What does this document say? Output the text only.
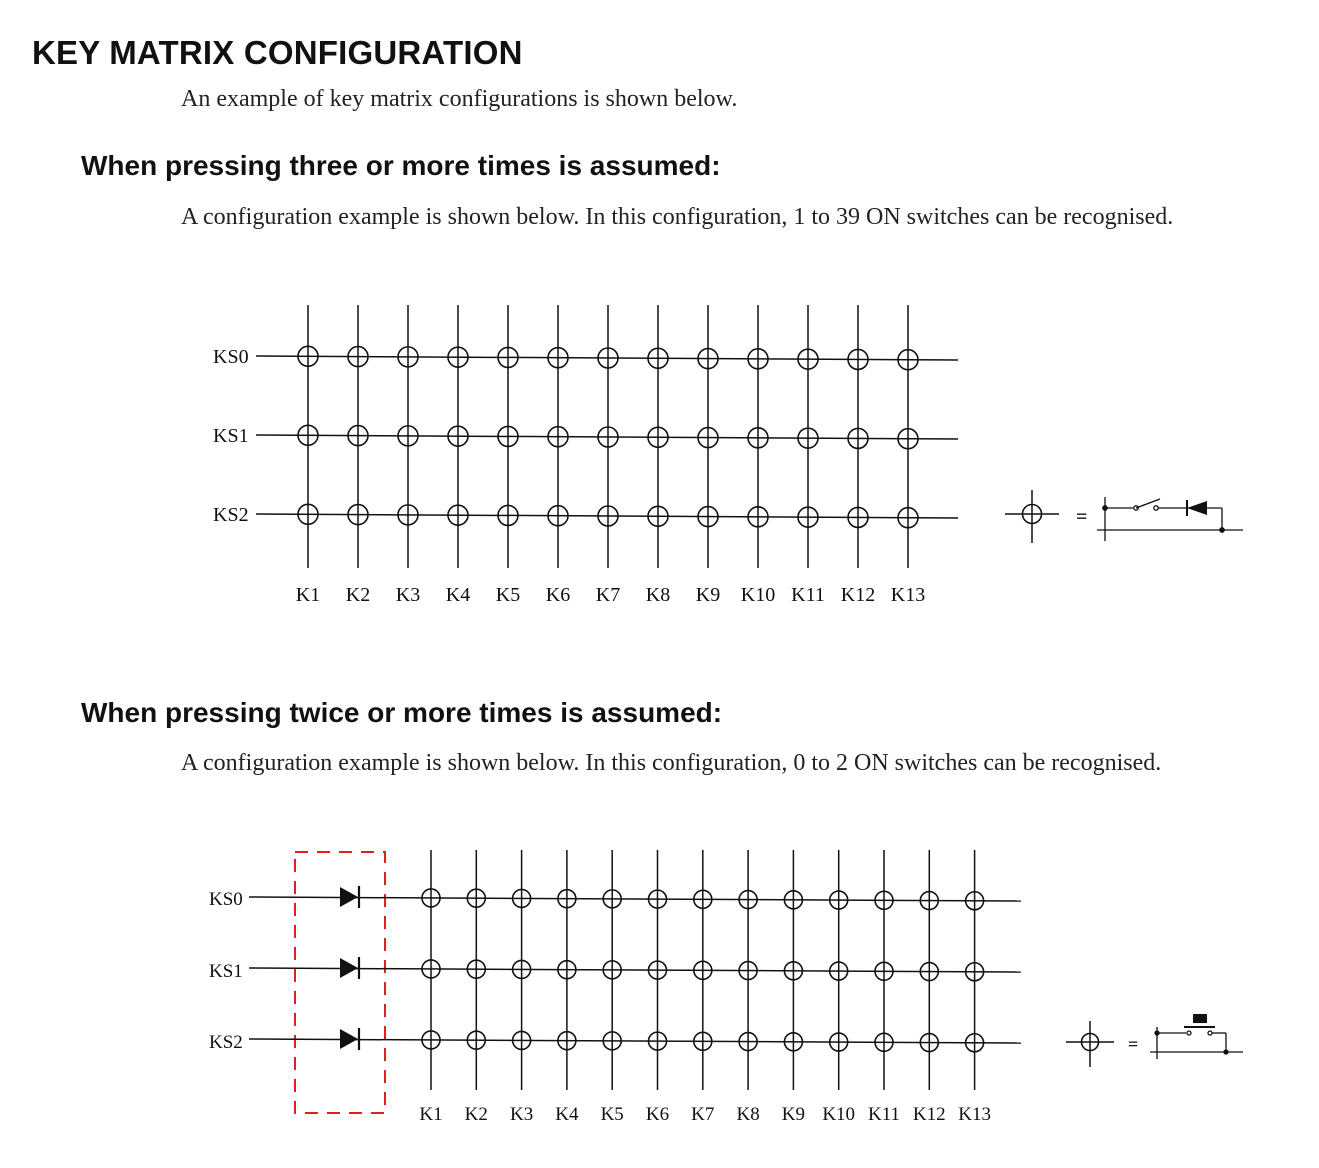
KEY MATRIX CONFIGURATION

An example of key matrix configurations is shown below.

When pressing three or more times is assumed:

A configuration example is shown below. In this configuration, 1 to 39 ON switches can be recognised.

KS0
KS1
KS2
K1 K2 K3 K4 K5 K6 K7 K8 K9 K10 K11 K12 K13
=
When pressing twice or more times is assumed:

A configuration example is shown below. In this configuration, 0 to 2 ON switches can be recognised.

KS0
KS1
KS2
K1 K2 K3 K4 K5 K6 K7 K8 K9 K10 K11 K12 K13
=
